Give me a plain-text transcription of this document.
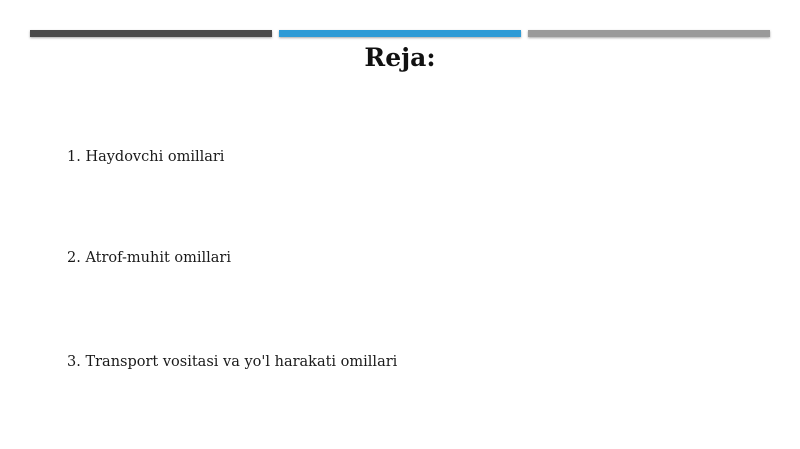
Reja:
1. Haydovchi omillari
2. Atrof-muhit omillari
3. Transport vositasi va yo'l harakati omillari
